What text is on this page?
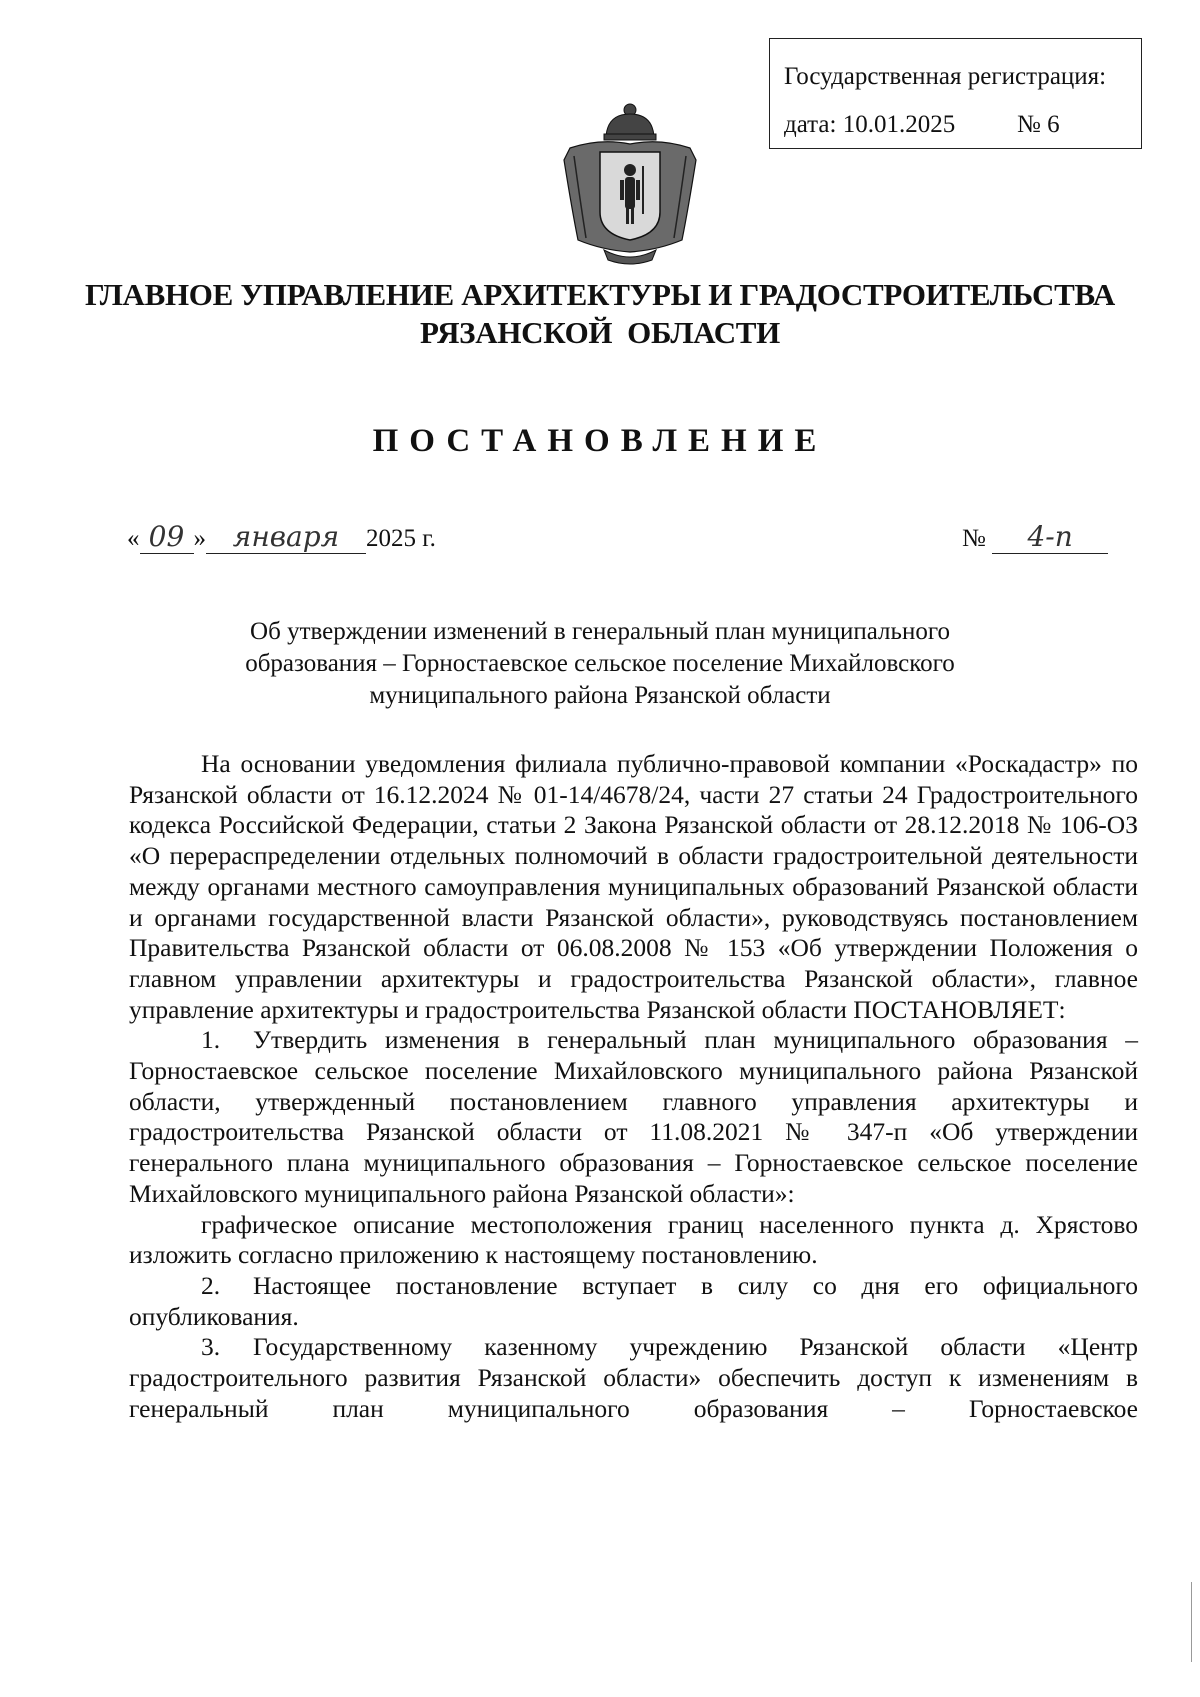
Государственная регистрация:
дата: 10.01.2025 № 6
ГЛАВНОЕ УПРАВЛЕНИЕ АРХИТЕКТУРЫ И ГРАДОСТРОИТЕЛЬСТВА
РЯЗАНСКОЙ  ОБЛАСТИ
ПОСТАНОВЛЕНИЕ
« 09 » января 2025 г.	№ 4-п
Об утверждении изменений в генеральный план муниципального
образования – Горностаевское сельское поселение Михайловского
муниципального района Рязанской области

На основании уведомления филиала публично-правовой компании «Роскадастр» по Рязанской области от 16.12.2024 № 01-14/4678/24, части 27 статьи 24 Градостроительного кодекса Российской Федерации, статьи 2 Закона Рязанской области от 28.12.2018 № 106-ОЗ «О перераспределении отдельных полномочий в области градостроительной деятельности между органами местного самоуправления муниципальных образований Рязанской области и органами государственной власти Рязанской области», руководствуясь постановлением Правительства Рязанской области от 06.08.2008 № 153 «Об утверждении Положения о главном управлении архитектуры и градостроительства Рязанской области», главное управление архитектуры и градостроительства Рязанской области ПОСТАНОВЛЯЕТ:

1. Утвердить изменения в генеральный план муниципального образования – Горностаевское сельское поселение Михайловского муниципального района Рязанской области, утвержденный постановлением главного управления архитектуры и градостроительства Рязанской области от 11.08.2021 № 347-п «Об утверждении генерального плана муниципального образования – Горностаевское сельское поселение Михайловского муниципального района Рязанской области»:

графическое описание местоположения границ населенного пункта д. Хрястово изложить согласно приложению к настоящему постановлению.

2. Настоящее постановление вступает в силу со дня его официального опубликования.

3. Государственному казенному учреждению Рязанской области «Центр градостроительного развития Рязанской области» обеспечить доступ к изменениям в генеральный план муниципального образования – Горностаевское
